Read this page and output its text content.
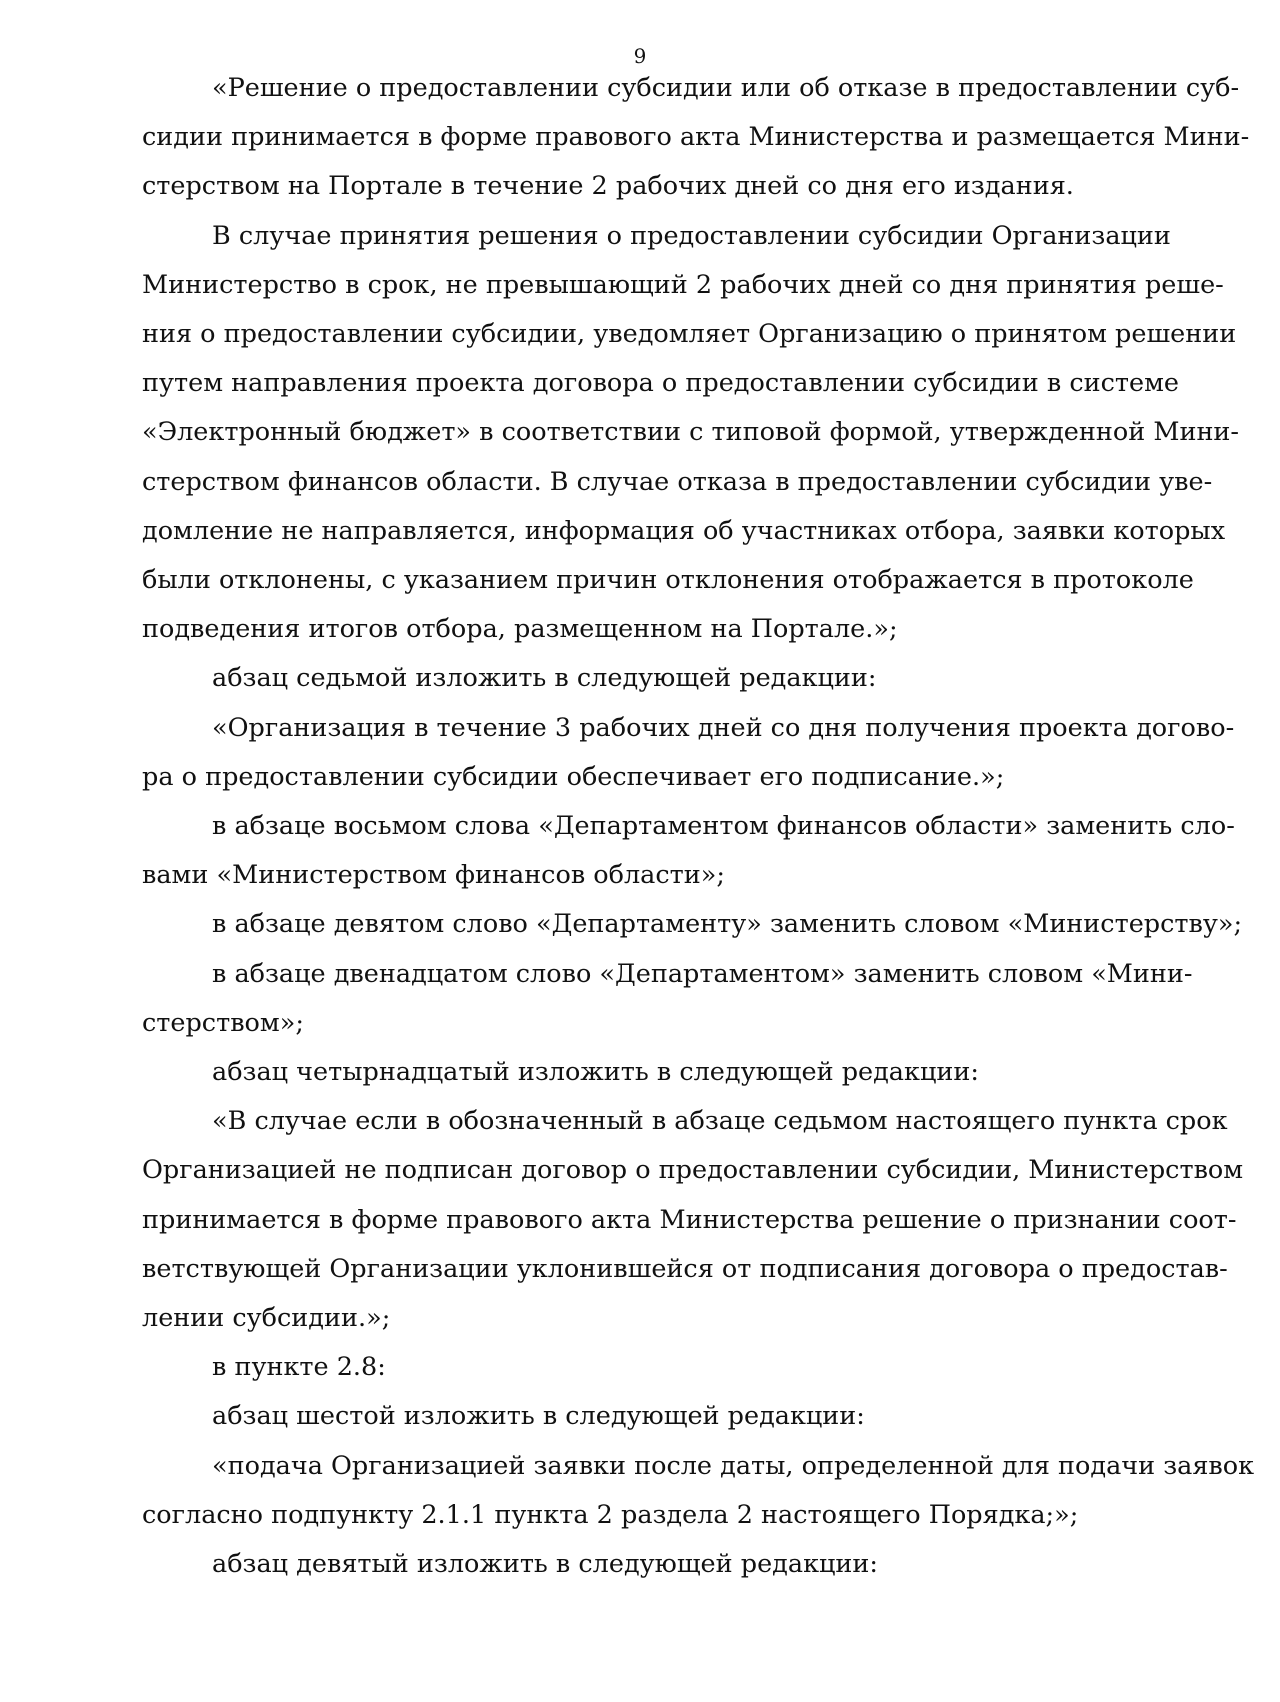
9
«Решение о предоставлении субсидии или об отказе в предоставлении суб-
сидии принимается в форме правового акта Министерства и размещается Мини-
стерством на Портале в течение 2 рабочих дней со дня его издания.
В случае принятия решения о предоставлении субсидии Организации
Министерство в срок, не превышающий 2 рабочих дней со дня принятия реше-
ния о предоставлении субсидии, уведомляет Организацию о принятом решении
путем направления проекта договора о предоставлении субсидии в системе
«Электронный бюджет» в соответствии с типовой формой, утвержденной Мини-
стерством финансов области. В случае отказа в предоставлении субсидии уве-
домление не направляется, информация об участниках отбора, заявки которых
были отклонены, с указанием причин отклонения отображается в протоколе
подведения итогов отбора, размещенном на Портале.»;
абзац седьмой изложить в следующей редакции:
«Организация в течение 3 рабочих дней со дня получения проекта догово-
ра о предоставлении субсидии обеспечивает его подписание.»;
в абзаце восьмом слова «Департаментом финансов области» заменить сло-
вами «Министерством финансов области»;
в абзаце девятом слово «Департаменту» заменить словом «Министерству»;
в абзаце двенадцатом слово «Департаментом» заменить словом «Мини-
стерством»;
абзац четырнадцатый изложить в следующей редакции:
«В случае если в обозначенный в абзаце седьмом настоящего пункта срок
Организацией не подписан договор о предоставлении субсидии, Министерством
принимается в форме правового акта Министерства решение о признании соот-
ветствующей Организации уклонившейся от подписания договора о предостав-
лении субсидии.»;
в пункте 2.8:
абзац шестой изложить в следующей редакции:
«подача Организацией заявки после даты, определенной для подачи заявок
согласно подпункту 2.1.1 пункта 2 раздела 2 настоящего Порядка;»;
абзац девятый изложить в следующей редакции:
